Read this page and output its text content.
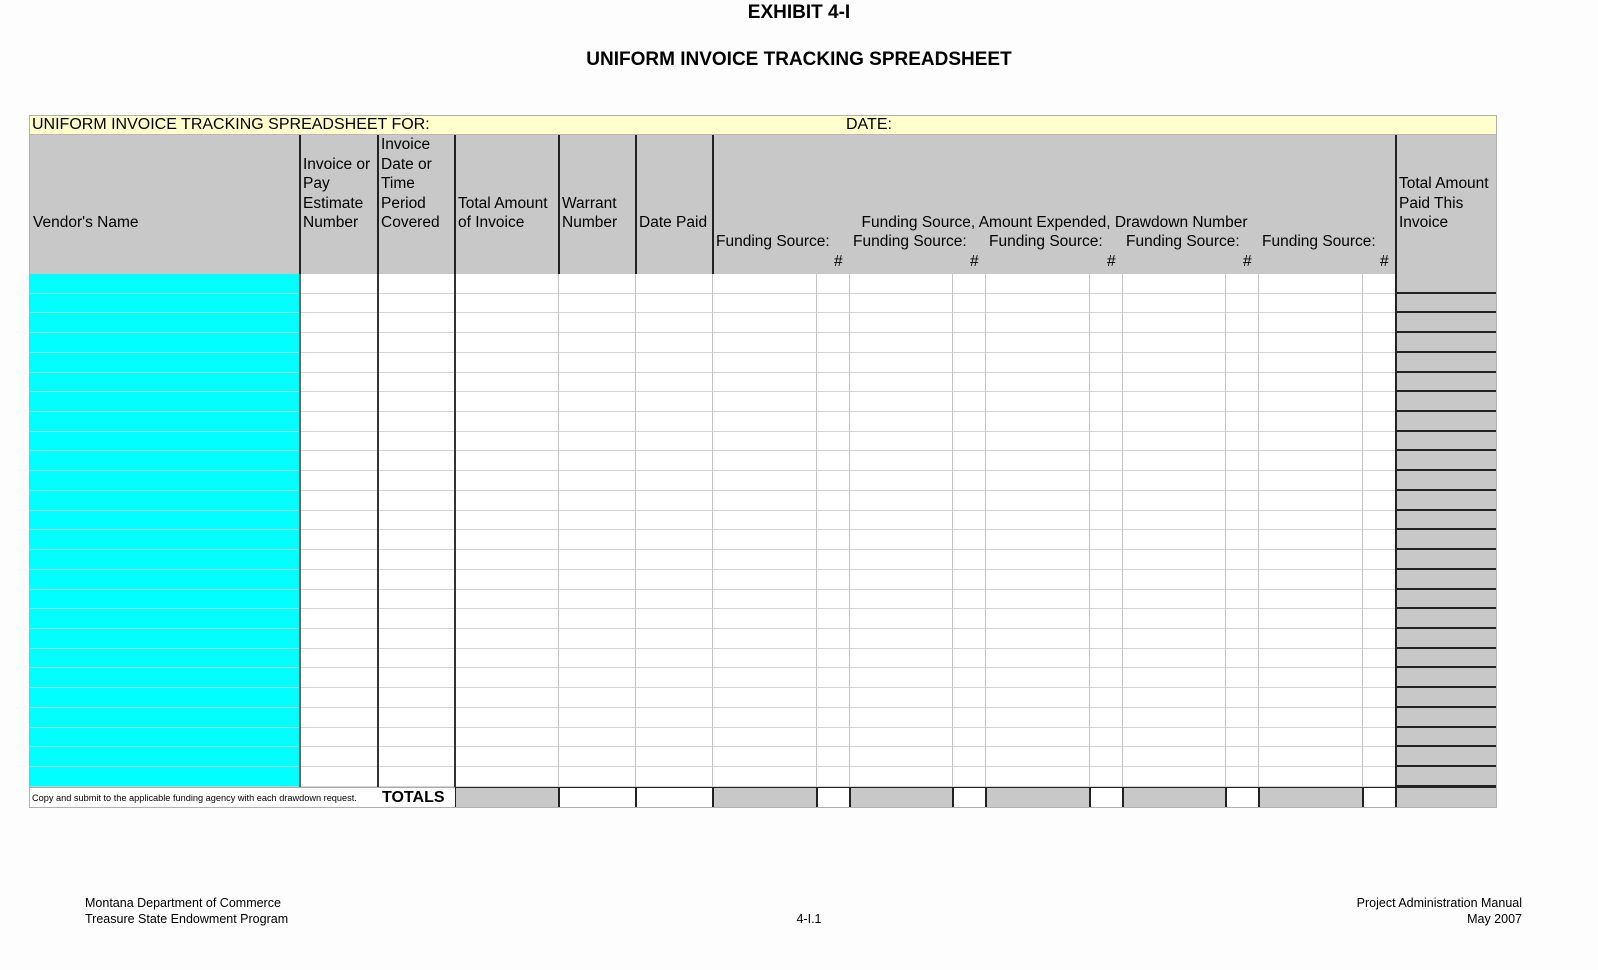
EXHIBIT 4-I
UNIFORM INVOICE TRACKING SPREADSHEET
UNIFORM INVOICE TRACKING SPREADSHEET FOR:	DATE:
Vendor's Name
Invoice or
Pay
Estimate
Number
Invoice
Date or
Time
Period
Covered
Total Amount
of Invoice
Warrant
Number Date Paid
Total Amount
Paid This
Invoice
Funding Source, Amount Expended, Drawdown Number
Funding Source:
#
Funding Source:
#
Funding Source:
#
Funding Source:
#
Funding Source:
#
Copy and submit to the applicable funding agency with each drawdown request. TOTALS
Montana Department of Commerce
Treasure State Endowment Program	4-I.1
Project Administration Manual
May 2007
